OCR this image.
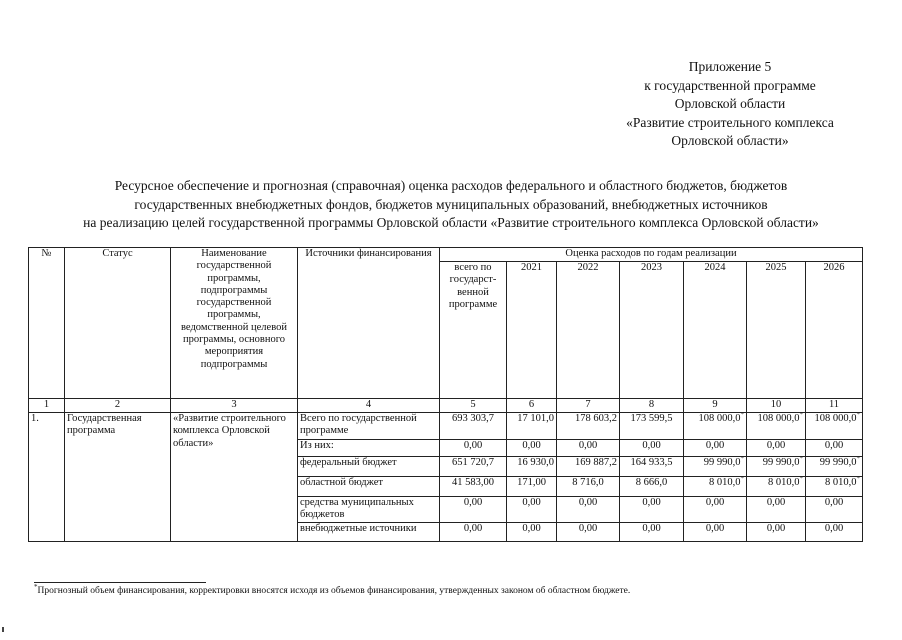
Приложение 5
к государственной программе
Орловской области
«Развитие строительного комплекса
Орловской области»
Ресурсное обеспечение и прогнозная (справочная) оценка расходов федерального и областного бюджетов, бюджетов
государственных внебюджетных фондов, бюджетов муниципальных образований, внебюджетных источников
на реализацию целей государственной программы Орловской области «Развитие строительного комплекса Орловской области»
№	Статус	Наименование государственной программы, подпрограммы государственной программы, ведомственной целевой программы, основного мероприятия подпрограммы	Источники финансирования	Оценка расходов по годам реализации						
				всего по государст- венной программе	2021	2022	2023	2024	2025	2026
1	2	3	4	5	6	7	8	9	10	11
1.	Государственная программа	«Развитие строительного комплекса Орловской области»	Всего по государственной программе	693 303,7	17 101,0	178 603,2	173 599,5	108 000,0*	108 000,0*	108 000,0*
			Из них:	0,00	0,00	0,00	0,00	0,00	0,00	0,00
			федеральный бюджет	651 720,7	16 930,0	169 887,2	164 933,5	99 990,0*	99 990,0*	99 990,0*
			областной бюджет	41 583,00	171,00	8 716,0	8 666,0	8 010,0*	8 010,0*	8 010,0*
			средства муниципальных бюджетов	0,00	0,00	0,00	0,00	0,00	0,00	0,00
			внебюджетные источники	0,00	0,00	0,00	0,00	0,00	0,00	0,00
*Прогнозный объем финансирования, корректировки вносятся исходя из объемов финансирования, утвержденных законом об областном бюджете.
